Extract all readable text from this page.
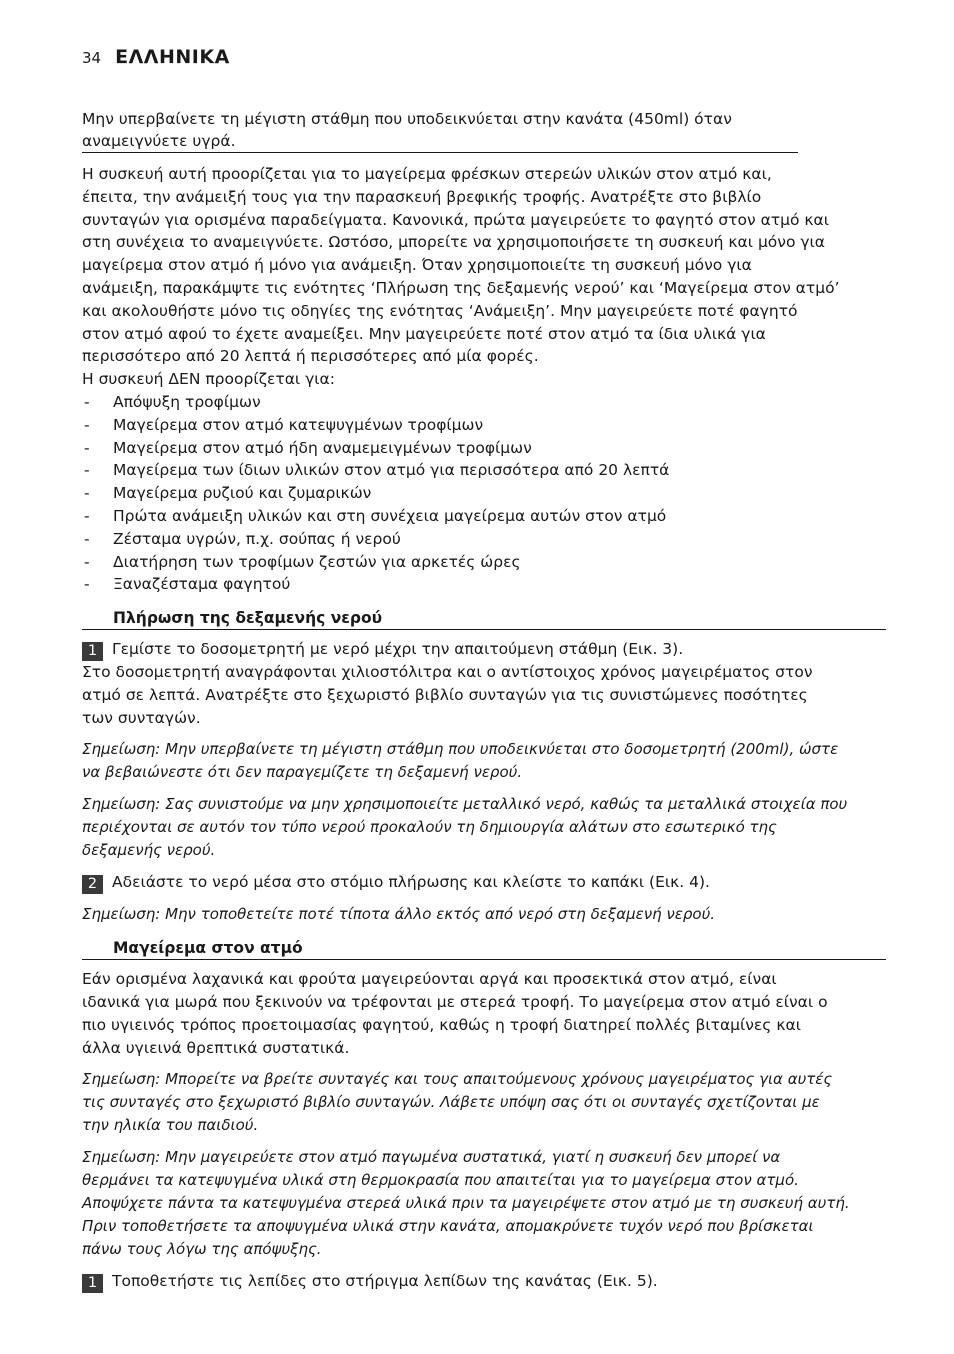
34 ΕΛΛΗΝΙΚΑ
Μην υπερβαίνετε τη μέγιστη στάθμη που υποδεικνύεται στην κανάτα (450ml) όταν
αναμειγνύετε υγρά.

Η συσκευή αυτή προορίζεται για το μαγείρεμα φρέσκων στερεών υλικών στον ατμό και,

έπειτα, την ανάμειξή τους για την παρασκευή βρεφικής τροφής. Ανατρέξτε στο βιβλίο

συνταγών για ορισμένα παραδείγματα. Κανονικά, πρώτα μαγειρεύετε το φαγητό στον ατμό και

στη συνέχεια το αναμειγνύετε. Ωστόσο, μπορείτε να χρησιμοποιήσετε τη συσκευή και μόνο για

μαγείρεμα στον ατμό ή μόνο για ανάμειξη. Όταν χρησιμοποιείτε τη συσκευή μόνο για

ανάμειξη, παρακάμψτε τις ενότητες ‘Πλήρωση της δεξαμενής νερού’ και ‘Μαγείρεμα στον ατμό’

και ακολουθήστε μόνο τις οδηγίες της ενότητας ‘Ανάμειξη’. Μην μαγειρεύετε ποτέ φαγητό

στον ατμό αφού το έχετε αναμείξει. Μην μαγειρεύετε ποτέ στον ατμό τα ίδια υλικά για

περισσότερο από 20 λεπτά ή περισσότερες από μία φορές.

Η συσκευή ΔΕΝ προορίζεται για:

- Απόψυξη τροφίμων
- Μαγείρεμα στον ατμό κατεψυγμένων τροφίμων
- Μαγείρεμα στον ατμό ήδη αναμεμειγμένων τροφίμων
- Μαγείρεμα των ίδιων υλικών στον ατμό για περισσότερα από 20 λεπτά
- Μαγείρεμα ρυζιού και ζυμαρικών
- Πρώτα ανάμειξη υλικών και στη συνέχεια μαγείρεμα αυτών στον ατμό
- Ζέσταμα υγρών, π.χ. σούπας ή νερού
- Διατήρηση των τροφίμων ζεστών για αρκετές ώρες
- Ξαναζέσταμα φαγητού
Πλήρωση της δεξαμενής νερού
1 Γεμίστε το δοσομετρητή με νερό μέχρι την απαιτούμενη στάθμη (Εικ. 3).

Στο δοσομετρητή αναγράφονται χιλιοστόλιτρα και ο αντίστοιχος χρόνος μαγειρέματος στον

ατμό σε λεπτά. Ανατρέξτε στο ξεχωριστό βιβλίο συνταγών για τις συνιστώμενες ποσότητες

των συνταγών.

Σημείωση: Μην υπερβαίνετε τη μέγιστη στάθμη που υποδεικνύεται στο δοσομετρητή (200ml), ώστε

να βεβαιώνεστε ότι δεν παραγεμίζετε τη δεξαμενή νερού.

Σημείωση: Σας συνιστούμε να μην χρησιμοποιείτε μεταλλικό νερό, καθώς τα μεταλλικά στοιχεία που

περιέχονται σε αυτόν τον τύπο νερού προκαλούν τη δημιουργία αλάτων στο εσωτερικό της

δεξαμενής νερού.

2 Αδειάστε το νερό μέσα στο στόμιο πλήρωσης και κλείστε το καπάκι (Εικ. 4).

Σημείωση: Μην τοποθετείτε ποτέ τίποτα άλλο εκτός από νερό στη δεξαμενή νερού.

Μαγείρεμα στον ατμό

Εάν ορισμένα λαχανικά και φρούτα μαγειρεύονται αργά και προσεκτικά στον ατμό, είναι

ιδανικά για μωρά που ξεκινούν να τρέφονται με στερεά τροφή. Το μαγείρεμα στον ατμό είναι ο

πιο υγιεινός τρόπος προετοιμασίας φαγητού, καθώς η τροφή διατηρεί πολλές βιταμίνες και

άλλα υγιεινά θρεπτικά συστατικά.

Σημείωση: Μπορείτε να βρείτε συνταγές και τους απαιτούμενους χρόνους μαγειρέματος για αυτές

τις συνταγές στο ξεχωριστό βιβλίο συνταγών. Λάβετε υπόψη σας ότι οι συνταγές σχετίζονται με

την ηλικία του παιδιού.

Σημείωση: Μην μαγειρεύετε στον ατμό παγωμένα συστατικά, γιατί η συσκευή δεν μπορεί να

θερμάνει τα κατεψυγμένα υλικά στη θερμοκρασία που απαιτείται για το μαγείρεμα στον ατμό.

Αποψύχετε πάντα τα κατεψυγμένα στερεά υλικά πριν τα μαγειρέψετε στον ατμό με τη συσκευή αυτή.

Πριν τοποθετήσετε τα αποψυγμένα υλικά στην κανάτα, απομακρύνετε τυχόν νερό που βρίσκεται

πάνω τους λόγω της απόψυξης.

1 Τοποθετήστε τις λεπίδες στο στήριγμα λεπίδων της κανάτας (Εικ. 5).
